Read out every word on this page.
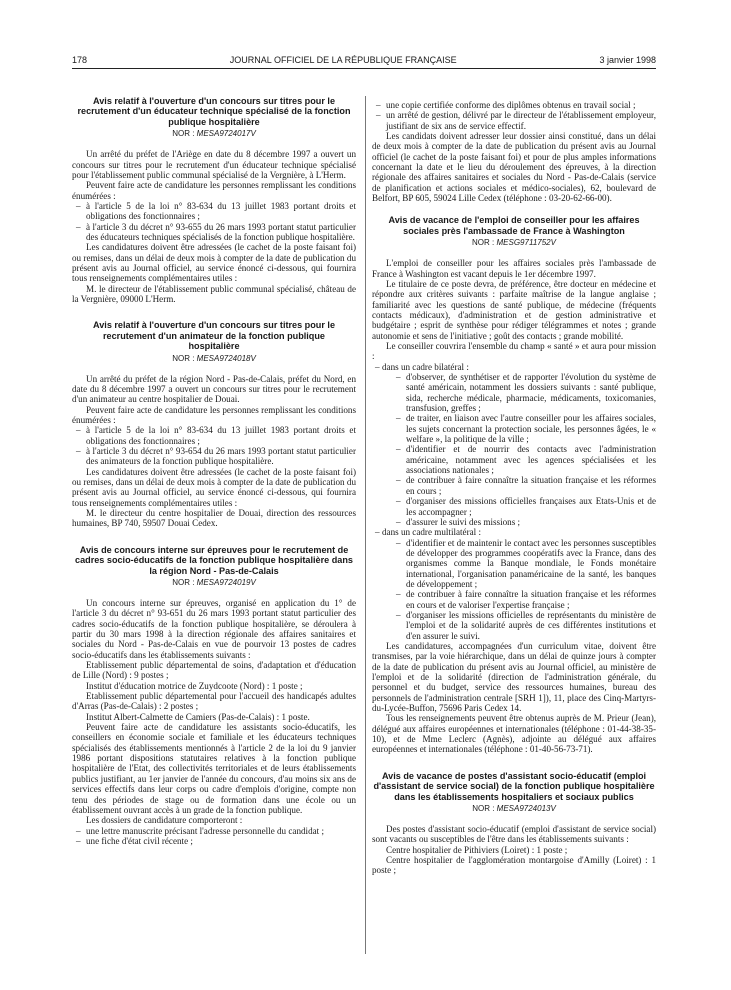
178	JOURNAL OFFICIEL DE LA RÉPUBLIQUE FRANÇAISE	3 janvier 1998
Avis relatif à l'ouverture d'un concours sur titres pour le recrutement d'un éducateur technique spécialisé de la fonction publique hospitalière
NOR : MESA9724017V

Un arrêté du préfet de l'Ariège en date du 8 décembre 1997 a ouvert un concours sur titres pour le recrutement d'un éducateur technique spécialisé pour l'établissement public communal spécialisé de la Vergnière, à L'Herm.

Peuvent faire acte de candidature les personnes remplissant les conditions énumérées :

– à l'article 5 de la loi n° 83-634 du 13 juillet 1983 portant droits et obligations des fonctionnaires ;
– à l'article 3 du décret n° 93-655 du 26 mars 1993 portant statut particulier des éducateurs techniques spécialisés de la fonction publique hospitalière.

Les candidatures doivent être adressées (le cachet de la poste faisant foi) ou remises, dans un délai de deux mois à compter de la date de publication du présent avis au Journal officiel, au service énoncé ci-dessous, qui fournira tous renseignements complémentaires utiles :

M. le directeur de l'établissement public communal spécialisé, château de la Vergnière, 09000 L'Herm.

Avis relatif à l'ouverture d'un concours sur titres pour le recrutement d'un animateur de la fonction publique hospitalière
NOR : MESA9724018V

Un arrêté du préfet de la région Nord - Pas-de-Calais, préfet du Nord, en date du 8 décembre 1997 a ouvert un concours sur titres pour le recrutement d'un animateur au centre hospitalier de Douai.

Peuvent faire acte de candidature les personnes remplissant les conditions énumérées :

– à l'article 5 de la loi n° 83-634 du 13 juillet 1983 portant droits et obligations des fonctionnaires ;
– à l'article 3 du décret n° 93-654 du 26 mars 1993 portant statut particulier des animateurs de la fonction publique hospitalière.

Les candidatures doivent être adressées (le cachet de la poste faisant foi) ou remises, dans un délai de deux mois à compter de la date de publication du présent avis au Journal officiel, au service énoncé ci-dessous, qui fournira tous renseignements complémentaires utiles :

M. le directeur du centre hospitalier de Douai, direction des ressources humaines, BP 740, 59507 Douai Cedex.

Avis de concours interne sur épreuves pour le recrutement de cadres socio-éducatifs de la fonction publique hospitalière dans la région Nord - Pas-de-Calais
NOR : MESA9724019V

Un concours interne sur épreuves, organisé en application du 1° de l'article 3 du décret n° 93-651 du 26 mars 1993 portant statut particulier des cadres socio-éducatifs de la fonction publique hospitalière, se déroulera à partir du 30 mars 1998 à la direction régionale des affaires sanitaires et sociales du Nord - Pas-de-Calais en vue de pourvoir 13 postes de cadres socio-éducatifs dans les établissements suivants :

Etablissement public départemental de soins, d'adaptation et d'éducation de Lille (Nord) : 9 postes ;

Institut d'éducation motrice de Zuydcoote (Nord) : 1 poste ;

Etablissement public départemental pour l'accueil des handicapés adultes d'Arras (Pas-de-Calais) : 2 postes ;

Institut Albert-Calmette de Camiers (Pas-de-Calais) : 1 poste.

Peuvent faire acte de candidature les assistants socio-éducatifs, les conseillers en économie sociale et familiale et les éducateurs techniques spécialisés des établissements mentionnés à l'article 2 de la loi du 9 janvier 1986 portant dispositions statutaires relatives à la fonction publique hospitalière de l'Etat, des collectivités territoriales et de leurs établissements publics justifiant, au 1er janvier de l'année du concours, d'au moins six ans de services effectifs dans leur corps ou cadre d'emplois d'origine, compte non tenu des périodes de stage ou de formation dans une école ou un établissement ouvrant accès à un grade de la fonction publique.

Les dossiers de candidature comporteront :

– une lettre manuscrite précisant l'adresse personnelle du candidat ;
– une fiche d'état civil récente ;
– une copie certifiée conforme des diplômes obtenus en travail social ;
– un arrêté de gestion, délivré par le directeur de l'établissement employeur, justifiant de six ans de service effectif.

Les candidats doivent adresser leur dossier ainsi constitué, dans un délai de deux mois à compter de la date de publication du présent avis au Journal officiel (le cachet de la poste faisant foi) et pour de plus amples informations concernant la date et le lieu du déroulement des épreuves, à la direction régionale des affaires sanitaires et sociales du Nord - Pas-de-Calais (service de planification et actions sociales et médico-sociales), 62, boulevard de Belfort, BP 605, 59024 Lille Cedex (téléphone : 03-20-62-66-00).

Avis de vacance de l'emploi de conseiller pour les affaires sociales près l'ambassade de France à Washington
NOR : MESG9711752V

L'emploi de conseiller pour les affaires sociales près l'ambassade de France à Washington est vacant depuis le 1er décembre 1997.

Le titulaire de ce poste devra, de préférence, être docteur en médecine et répondre aux critères suivants : parfaite maîtrise de la langue anglaise ; familiarité avec les questions de santé publique, de médecine (fréquents contacts médicaux), d'administration et de gestion administrative et budgétaire ; esprit de synthèse pour rédiger télégrammes et notes ; grande autonomie et sens de l'initiative ; goût des contacts ; grande mobilité.

Le conseiller couvrira l'ensemble du champ « santé » et aura pour mission :

– dans un cadre bilatéral :
– d'observer, de synthétiser et de rapporter l'évolution du système de santé américain, notamment les dossiers suivants : santé publique, sida, recherche médicale, pharmacie, médicaments, toxicomanies, transfusion, greffes ;
– de traiter, en liaison avec l'autre conseiller pour les affaires sociales, les sujets concernant la protection sociale, les personnes âgées, le « welfare », la politique de la ville ;
– d'identifier et de nourrir des contacts avec l'administration américaine, notamment avec les agences spécialisées et les associations nationales ;
– de contribuer à faire connaître la situation française et les réformes en cours ;
– d'organiser des missions officielles françaises aux Etats-Unis et de les accompagner ;
– d'assurer le suivi des missions ;
– dans un cadre multilatéral :
– d'identifier et de maintenir le contact avec les personnes susceptibles de développer des programmes coopératifs avec la France, dans des organismes comme la Banque mondiale, le Fonds monétaire international, l'organisation panaméricaine de la santé, les banques de développement ;
– de contribuer à faire connaître la situation française et les réformes en cours et de valoriser l'expertise française ;
– d'organiser les missions officielles de représentants du ministère de l'emploi et de la solidarité auprès de ces différentes institutions et d'en assurer le suivi.

Les candidatures, accompagnées d'un curriculum vitae, doivent être transmises, par la voie hiérarchique, dans un délai de quinze jours à compter de la date de publication du présent avis au Journal officiel, au ministère de l'emploi et de la solidarité (direction de l'administration générale, du personnel et du budget, service des ressources humaines, bureau des personnels de l'administration centrale [SRH 1]), 11, place des Cinq-Martyrs-du-Lycée-Buffon, 75696 Paris Cedex 14.

Tous les renseignements peuvent être obtenus auprès de M. Prieur (Jean), délégué aux affaires européennes et internationales (téléphone : 01-44-38-35-10), et de Mme Leclerc (Agnès), adjointe au délégué aux affaires européennes et internationales (téléphone : 01-40-56-73-71).

Avis de vacance de postes d'assistant socio-éducatif (emploi d'assistant de service social) de la fonction publique hospitalière dans les établissements hospitaliers et sociaux publics
NOR : MESA9724013V

Des postes d'assistant socio-éducatif (emploi d'assistant de service social) sont vacants ou susceptibles de l'être dans les établissements suivants :

Centre hospitalier de Pithiviers (Loiret) : 1 poste ;

Centre hospitalier de l'agglomération montargoise d'Amilly (Loiret) : 1 poste ;
